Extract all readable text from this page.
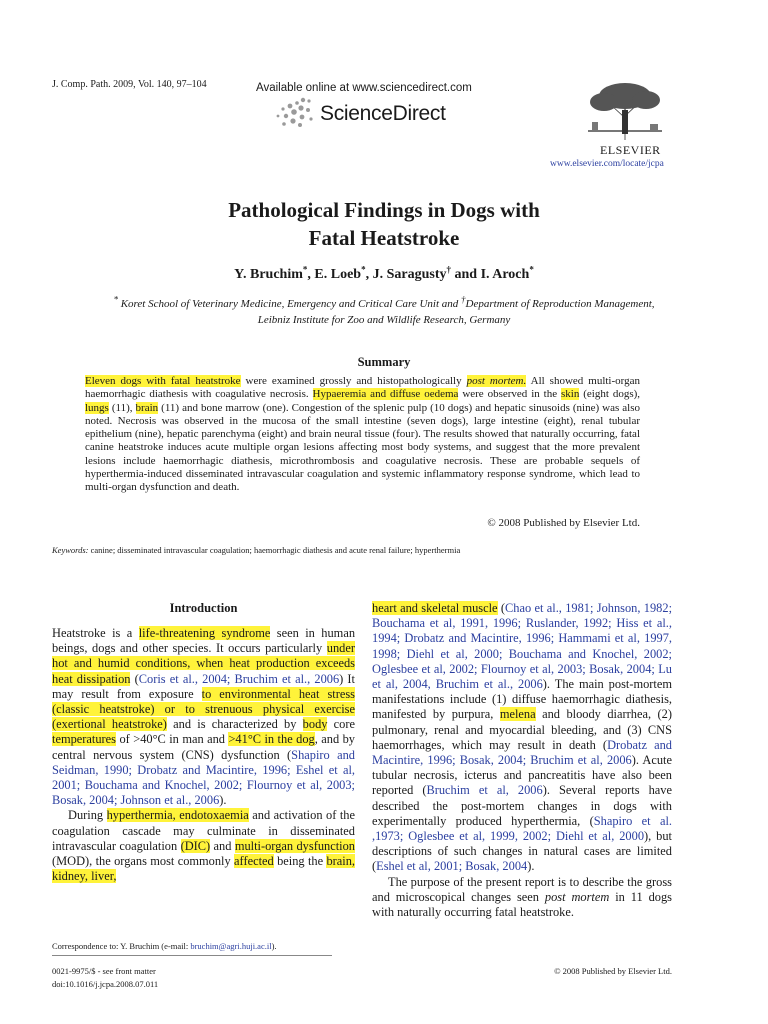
J. Comp. Path. 2009, Vol. 140, 97–104	Available online at www.sciencedirect.com
ScienceDirect
ELSEVIER
www.elsevier.com/locate/jcpa
Pathological Findings in Dogs with
Fatal Heatstroke
Y. Bruchim*, E. Loeb*, J. Saragusty† and I. Aroch*
* Koret School of Veterinary Medicine, Emergency and Critical Care Unit and †Department of Reproduction Management,
Leibniz Institute for Zoo and Wildlife Research, Germany
Summary
Eleven dogs with fatal heatstroke were examined grossly and histopathologically post mortem. All showed multi-organ haemorrhagic diathesis with coagulative necrosis. Hypaeremia and diffuse oedema were observed in the skin (eight dogs), lungs (11), brain (11) and bone marrow (one). Congestion of the splenic pulp (10 dogs) and hepatic sinusoids (nine) was also noted. Necrosis was observed in the mucosa of the small intestine (seven dogs), large intestine (eight), renal tubular epithelium (nine), hepatic parenchyma (eight) and brain neural tissue (four). The results showed that naturally occurring, fatal canine heatstroke induces acute multiple organ lesions affecting most body systems, and suggest that the more prevalent lesions include haemorrhagic diathesis, microthrombosis and coagulative necrosis. These are probable sequels of hyperthermia-induced disseminated intravascular coagulation and systemic inflammatory response syndrome, which lead to multi-organ dysfunction and death.
© 2008 Published by Elsevier Ltd.
Keywords: canine; disseminated intravascular coagulation; haemorrhagic diathesis and acute renal failure; hyperthermia
Introduction
Heatstroke is a life-threatening syndrome seen in human beings, dogs and other species. It occurs particularly under hot and humid conditions, when heat production exceeds heat dissipation (Coris et al., 2004; Bruchim et al., 2006) It may result from exposure to environmental heat stress (classic heatstroke) or to strenuous physical exercise (exertional heatstroke) and is characterized by body core temperatures of >40°C in man and >41°C in the dog, and by central nervous system (CNS) dysfunction (Shapiro and Seidman, 1990; Drobatz and Macintire, 1996; Eshel et al, 2001; Bouchama and Knochel, 2002; Flournoy et al, 2003; Bosak, 2004; Johnson et al., 2006).
During hyperthermia, endotoxaemia and activation of the coagulation cascade may culminate in disseminated intravascular coagulation (DIC) and multi-organ dysfunction (MOD), the organs most commonly affected being the brain, kidney, liver,
heart and skeletal muscle (Chao et al., 1981; Johnson, 1982; Bouchama et al, 1991, 1996; Ruslander, 1992; Hiss et al., 1994; Drobatz and Macintire, 1996; Hammami et al, 1997, 1998; Diehl et al, 2000; Bouchama and Knochel, 2002; Oglesbee et al, 2002; Flournoy et al, 2003; Bosak, 2004; Lu et al, 2004, Bruchim et al., 2006). The main post-mortem manifestations include (1) diffuse haemorrhagic diathesis, manifested by purpura, melena and bloody diarrhea, (2) pulmonary, renal and myocardial bleeding, and (3) CNS haemorrhages, which may result in death (Drobatz and Macintire, 1996; Bosak, 2004; Bruchim et al, 2006). Acute tubular necrosis, icterus and pancreatitis have also been reported (Bruchim et al, 2006). Several reports have described the post-mortem changes in dogs with experimentally produced hyperthermia, (Shapiro et al. ,1973; Oglesbee et al, 1999, 2002; Diehl et al, 2000), but descriptions of such changes in natural cases are limited (Eshel et al, 2001; Bosak, 2004).
The purpose of the present report is to describe the gross and microscopical changes seen post mortem in 11 dogs with naturally occurring fatal heatstroke.
Correspondence to: Y. Bruchim (e-mail: bruchim@agri.huji.ac.il).
0021-9975/$ - see front matter
doi:10.1016/j.jcpa.2008.07.011
© 2008 Published by Elsevier Ltd.
